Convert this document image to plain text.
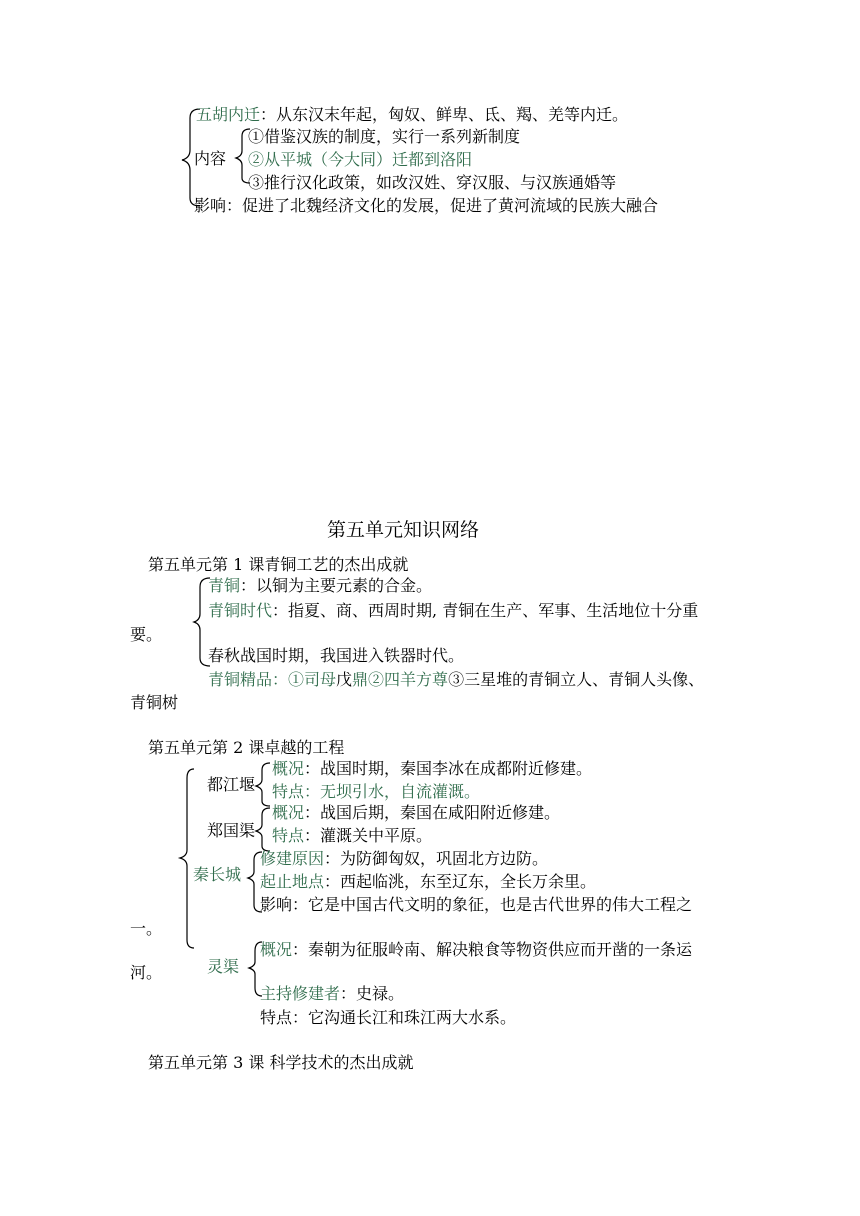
五胡内迁：从东汉末年起，匈奴、鲜卑、氐、羯、羌等内迁。
内容
①借鉴汉族的制度，实行一系列新制度
②从平城（今大同）迁都到洛阳
③推行汉化政策，如改汉姓、穿汉服、与汉族通婚等
影响：促进了北魏经济文化的发展，促进了黄河流域的民族大融合
第五单元知识网络
第五单元第 1 课青铜工艺的杰出成就
青铜：以铜为主要元素的合金。
青铜时代：指夏、商、西周时期, 青铜在生产、军事、生活地位十分重
要。
春秋战国时期，我国进入铁器时代。
青铜精品：①司母戊鼎②四羊方尊③三星堆的青铜立人、青铜人头像、
青铜树
第五单元第 2 课卓越的工程
都江堰
概况：战国时期，秦国李冰在成都附近修建。
特点：无坝引水，自流灌溉。
郑国渠
概况：战国后期，秦国在咸阳附近修建。
特点：灌溉关中平原。
秦长城
修建原因：为防御匈奴，巩固北方边防。
起止地点：西起临洮，东至辽东，全长万余里。
影响：它是中国古代文明的象征，也是古代世界的伟大工程之
一。
灵渠
概况：秦朝为征服岭南、解决粮食等物资供应而开凿的一条运
河。
主持修建者：史禄。
特点：它沟通长江和珠江两大水系。
第五单元第 3 课 科学技术的杰出成就
